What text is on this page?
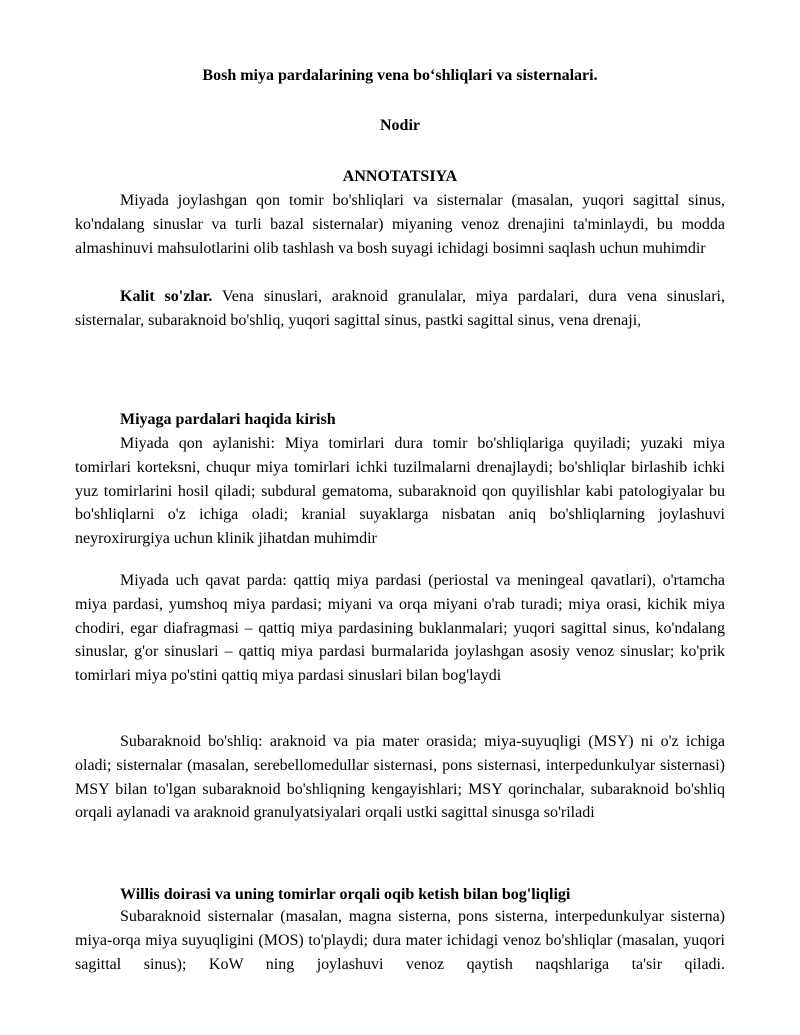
Bosh miya pardalarining vena bo‘shliqlari va sisternalari.
Nodir
ANNOTATSIYA

Miyada joylashgan qon tomir bo'shliqlari va sisternalar (masalan, yuqori sagittal sinus, ko'ndalang sinuslar va turli bazal sisternalar) miyaning venoz drenajini ta'minlaydi, bu modda almashinuvi mahsulotlarini olib tashlash va bosh suyagi ichidagi bosimni saqlash uchun muhimdir

Kalit so'zlar. Vena sinuslari, araknoid granulalar, miya pardalari, dura vena sinuslari, sisternalar, subaraknoid bo'shliq, yuqori sagittal sinus, pastki sagittal sinus, vena drenaji,

Miyaga pardalari haqida kirish

Miyada qon aylanishi: Miya tomirlari dura tomir bo'shliqlariga quyiladi; yuzaki miya tomirlari korteksni, chuqur miya tomirlari ichki tuzilmalarni drenajlaydi; bo'shliqlar birlashib ichki yuz tomirlarini hosil qiladi; subdural gematoma, subaraknoid qon quyilishlar kabi patologiyalar bu bo'shliqlarni o'z ichiga oladi; kranial suyaklarga nisbatan aniq bo'shliqlarning joylashuvi neyroxirurgiya uchun klinik jihatdan muhimdir

Miyada uch qavat parda: qattiq miya pardasi (periostal va meningeal qavatlari), o'rtamcha miya pardasi, yumshoq miya pardasi; miyani va orqa miyani o'rab turadi; miya orasi, kichik miya chodiri, egar diafragmasi – qattiq miya pardasining buklanmalari; yuqori sagittal sinus, ko'ndalang sinuslar, g'or sinuslari – qattiq miya pardasi burmalarida joylashgan asosiy venoz sinuslar; ko'prik tomirlari miya po'stini qattiq miya pardasi sinuslari bilan bog'laydi

Subaraknoid bo'shliq: araknoid va pia mater orasida; miya-suyuqligi (MSY) ni o'z ichiga oladi; sisternalar (masalan, serebellomedullar sisternasi, pons sisternasi, interpedunkulyar sisternasi) MSY bilan to'lgan subaraknoid bo'shliqning kengayishlari; MSY qorinchalar, subaraknoid bo'shliq orqali aylanadi va araknoid granulyatsiyalari orqali ustki sagittal sinusga so'riladi

Willis doirasi va uning tomirlar orqali oqib ketish bilan bog'liqligi

Subaraknoid sisternalar (masalan, magna sisterna, pons sisterna, interpedunkulyar sisterna) miya-orqa miya suyuqligini (MOS) to'playdi; dura mater ichidagi venoz bo'shliqlar (masalan, yuqori sagittal sinus); KoW ning joylashuvi venoz qaytish naqshlariga ta'sir qiladi.
